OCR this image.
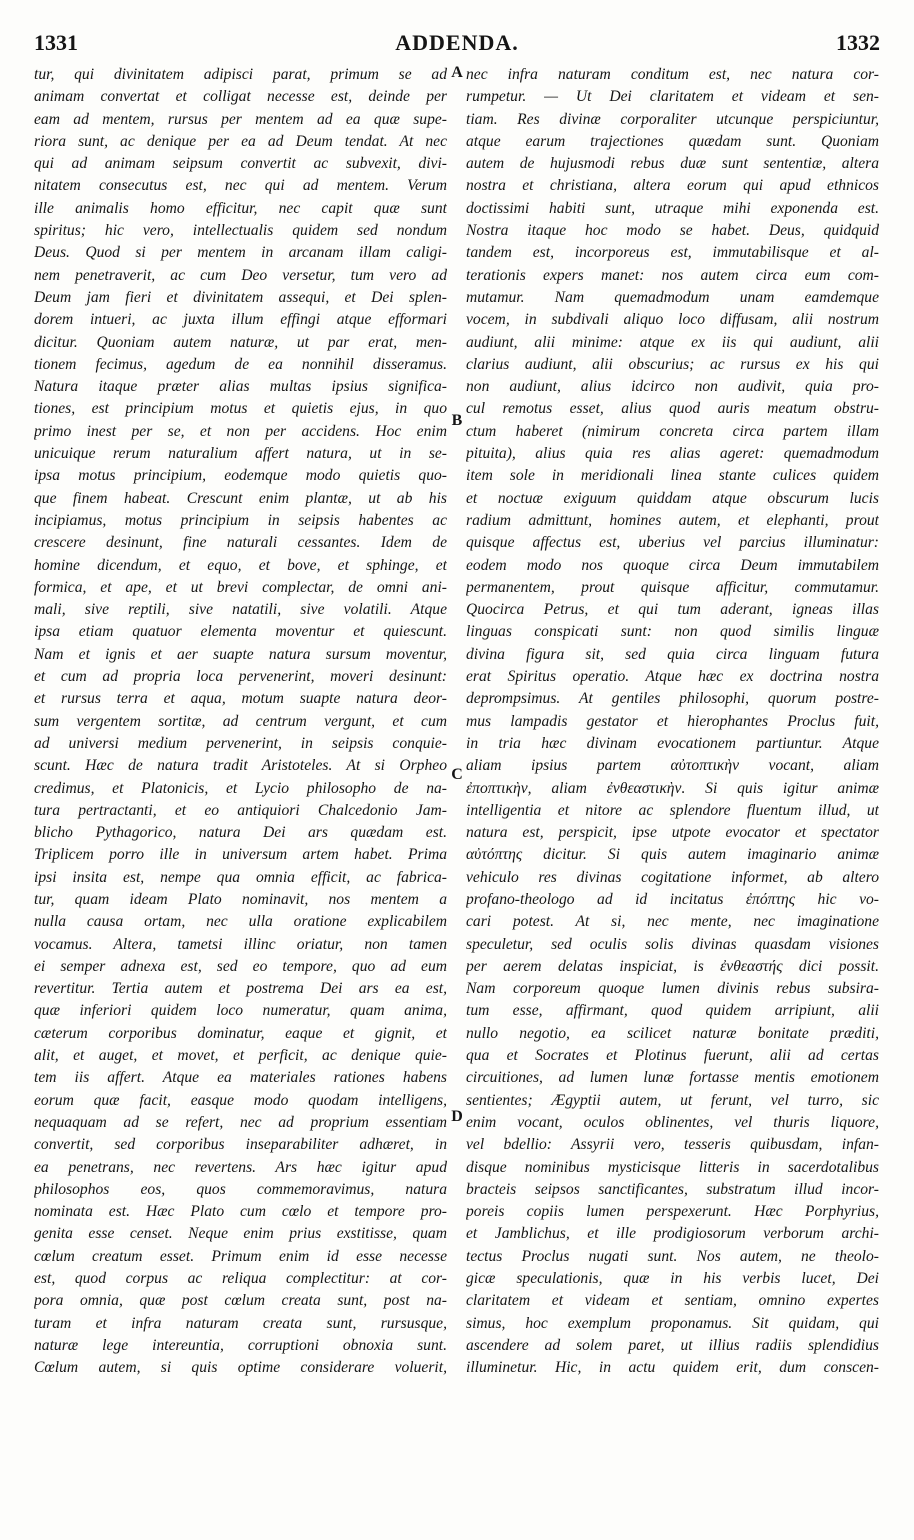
1331	ADDENDA.	1332
A
B
C
D
tur, qui divinitatem adipisci parat, primum se ad
animam convertat et colligat necesse est, deinde per
eam ad mentem, rursus per mentem ad ea quæ supe-
riora sunt, ac denique per ea ad Deum tendat. At nec
qui ad animam seipsum convertit ac subvexit, divi-
nitatem consecutus est, nec qui ad mentem. Verum
ille animalis homo efficitur, nec capit quæ sunt
spiritus; hic vero, intellectualis quidem sed nondum
Deus. Quod si per mentem in arcanam illam caligi-
nem penetraverit, ac cum Deo versetur, tum vero ad
Deum jam fieri et divinitatem assequi, et Dei splen-
dorem intueri, ac juxta illum effingi atque efformari
dicitur. Quoniam autem naturæ, ut par erat, men-
tionem fecimus, agedum de ea nonnihil disseramus.
Natura itaque præter alias multas ipsius significa-
tiones, est principium motus et quietis ejus, in quo
primo inest per se, et non per accidens. Hoc enim
unicuique rerum naturalium affert natura, ut in se-
ipsa motus principium, eodemque modo quietis quo-
que finem habeat. Crescunt enim plantæ, ut ab his
incipiamus, motus principium in seipsis habentes ac
crescere desinunt, fine naturali cessantes. Idem de
homine dicendum, et equo, et bove, et sphinge, et
formica, et ape, et ut brevi complectar, de omni ani-
mali, sive reptili, sive natatili, sive volatili. Atque
ipsa etiam quatuor elementa moventur et quiescunt.
Nam et ignis et aer suapte natura sursum moventur,
et cum ad propria loca pervenerint, moveri desinunt:
et rursus terra et aqua, motum suapte natura deor-
sum vergentem sortitæ, ad centrum vergunt, et cum
ad universi medium pervenerint, in seipsis conquie-
scunt. Hæc de natura tradit Aristoteles. At si Orpheo
credimus, et Platonicis, et Lycio philosopho de na-
tura pertractanti, et eo antiquiori Chalcedonio Jam-
blicho Pythagorico, natura Dei ars quædam est.
Triplicem porro ille in universum artem habet. Prima
ipsi insita est, nempe qua omnia efficit, ac fabrica-
tur, quam ideam Plato nominavit, nos mentem a
nulla causa ortam, nec ulla oratione explicabilem
vocamus. Altera, tametsi illinc oriatur, non tamen
ei semper adnexa est, sed eo tempore, quo ad eum
revertitur. Tertia autem et postrema Dei ars ea est,
quæ inferiori quidem loco numeratur, quam anima,
cæterum corporibus dominatur, eaque et gignit, et
alit, et auget, et movet, et perficit, ac denique quie-
tem iis affert. Atque ea materiales rationes habens
eorum quæ facit, easque modo quodam intelligens,
nequaquam ad se refert, nec ad proprium essentiam
convertit, sed corporibus inseparabiliter adhæret, in
ea penetrans, nec revertens. Ars hæc igitur apud
philosophos eos, quos commemoravimus, natura
nominata est. Hæc Plato cum cœlo et tempore pro-
genita esse censet. Neque enim prius exstitisse, quam
cœlum creatum esset. Primum enim id esse necesse
est, quod corpus ac reliqua complectitur: at cor-
pora omnia, quæ post cœlum creata sunt, post na-
turam et infra naturam creata sunt, rursusque,
naturæ lege intereuntia, corruptioni obnoxia sunt.
Cœlum autem, si quis optime considerare voluerit,
nec infra naturam conditum est, nec natura cor-
rumpetur. — Ut Dei claritatem et videam et sen-
tiam. Res divinæ corporaliter utcunque perspiciuntur,
atque earum trajectiones quædam sunt. Quoniam
autem de hujusmodi rebus duæ sunt sententiæ, altera
nostra et christiana, altera eorum qui apud ethnicos
doctissimi habiti sunt, utraque mihi exponenda est.
Nostra itaque hoc modo se habet. Deus, quidquid
tandem est, incorporeus est, immutabilisque et al-
terationis expers manet: nos autem circa eum com-
mutamur. Nam quemadmodum unam eamdemque
vocem, in subdivali aliquo loco diffusam, alii nostrum
audiunt, alii minime: atque ex iis qui audiunt, alii
clarius audiunt, alii obscurius; ac rursus ex his qui
non audiunt, alius idcirco non audivit, quia pro-
cul remotus esset, alius quod auris meatum obstru-
ctum haberet (nimirum concreta circa partem illam
pituita), alius quia res alias ageret: quemadmodum
item sole in meridionali linea stante culices quidem
et noctuæ exiguum quiddam atque obscurum lucis
radium admittunt, homines autem, et elephanti, prout
quisque affectus est, uberius vel parcius illuminatur:
eodem modo nos quoque circa Deum immutabilem
permanentem, prout quisque afficitur, commutamur.
Quocirca Petrus, et qui tum aderant, igneas illas
linguas conspicati sunt: non quod similis linguæ
divina figura sit, sed quia circa linguam futura
erat Spiritus operatio. Atque hæc ex doctrina nostra
deprompsimus. At gentiles philosophi, quorum postre-
mus lampadis gestator et hierophantes Proclus fuit,
in tria hæc divinam evocationem partiuntur. Atque
aliam ipsius partem αὐτοπτικὴν vocant, aliam
ἐποπτικὴν, aliam ἐνθεαστικὴν. Si quis igitur animæ
intelligentia et nitore ac splendore fluentum illud, ut
natura est, perspicit, ipse utpote evocator et spectator
αὐτόπτης dicitur. Si quis autem imaginario animæ
vehiculo res divinas cogitatione informet, ab altero
profano-theologo ad id incitatus ἐπόπτης hic vo-
cari potest. At si, nec mente, nec imaginatione
speculetur, sed oculis solis divinas quasdam visiones
per aerem delatas inspiciat, is ἐνθεαστής dici possit.
Nam corporeum quoque lumen divinis rebus subsira-
tum esse, affirmant, quod quidem arripiunt, alii
nullo negotio, ea scilicet naturæ bonitate præditi,
qua et Socrates et Plotinus fuerunt, alii ad certas
circuitiones, ad lumen lunæ fortasse mentis emotionem
sentientes; Ægyptii autem, ut ferunt, vel turro, sic
enim vocant, oculos oblinentes, vel thuris liquore,
vel bdellio: Assyrii vero, tesseris quibusdam, infan-
disque nominibus mysticisque litteris in sacerdotalibus
bracteis seipsos sanctificantes, substratum illud incor-
poreis copiis lumen perspexerunt. Hæc Porphyrius,
et Jamblichus, et ille prodigiosorum verborum archi-
tectus Proclus nugati sunt. Nos autem, ne theolo-
gicæ speculationis, quæ in his verbis lucet, Dei
claritatem et videam et sentiam, omnino expertes
simus, hoc exemplum proponamus. Sit quidam, qui
ascendere ad solem paret, ut illius radiis splendidius
illuminetur. Hic, in actu quidem erit, dum conscen-
